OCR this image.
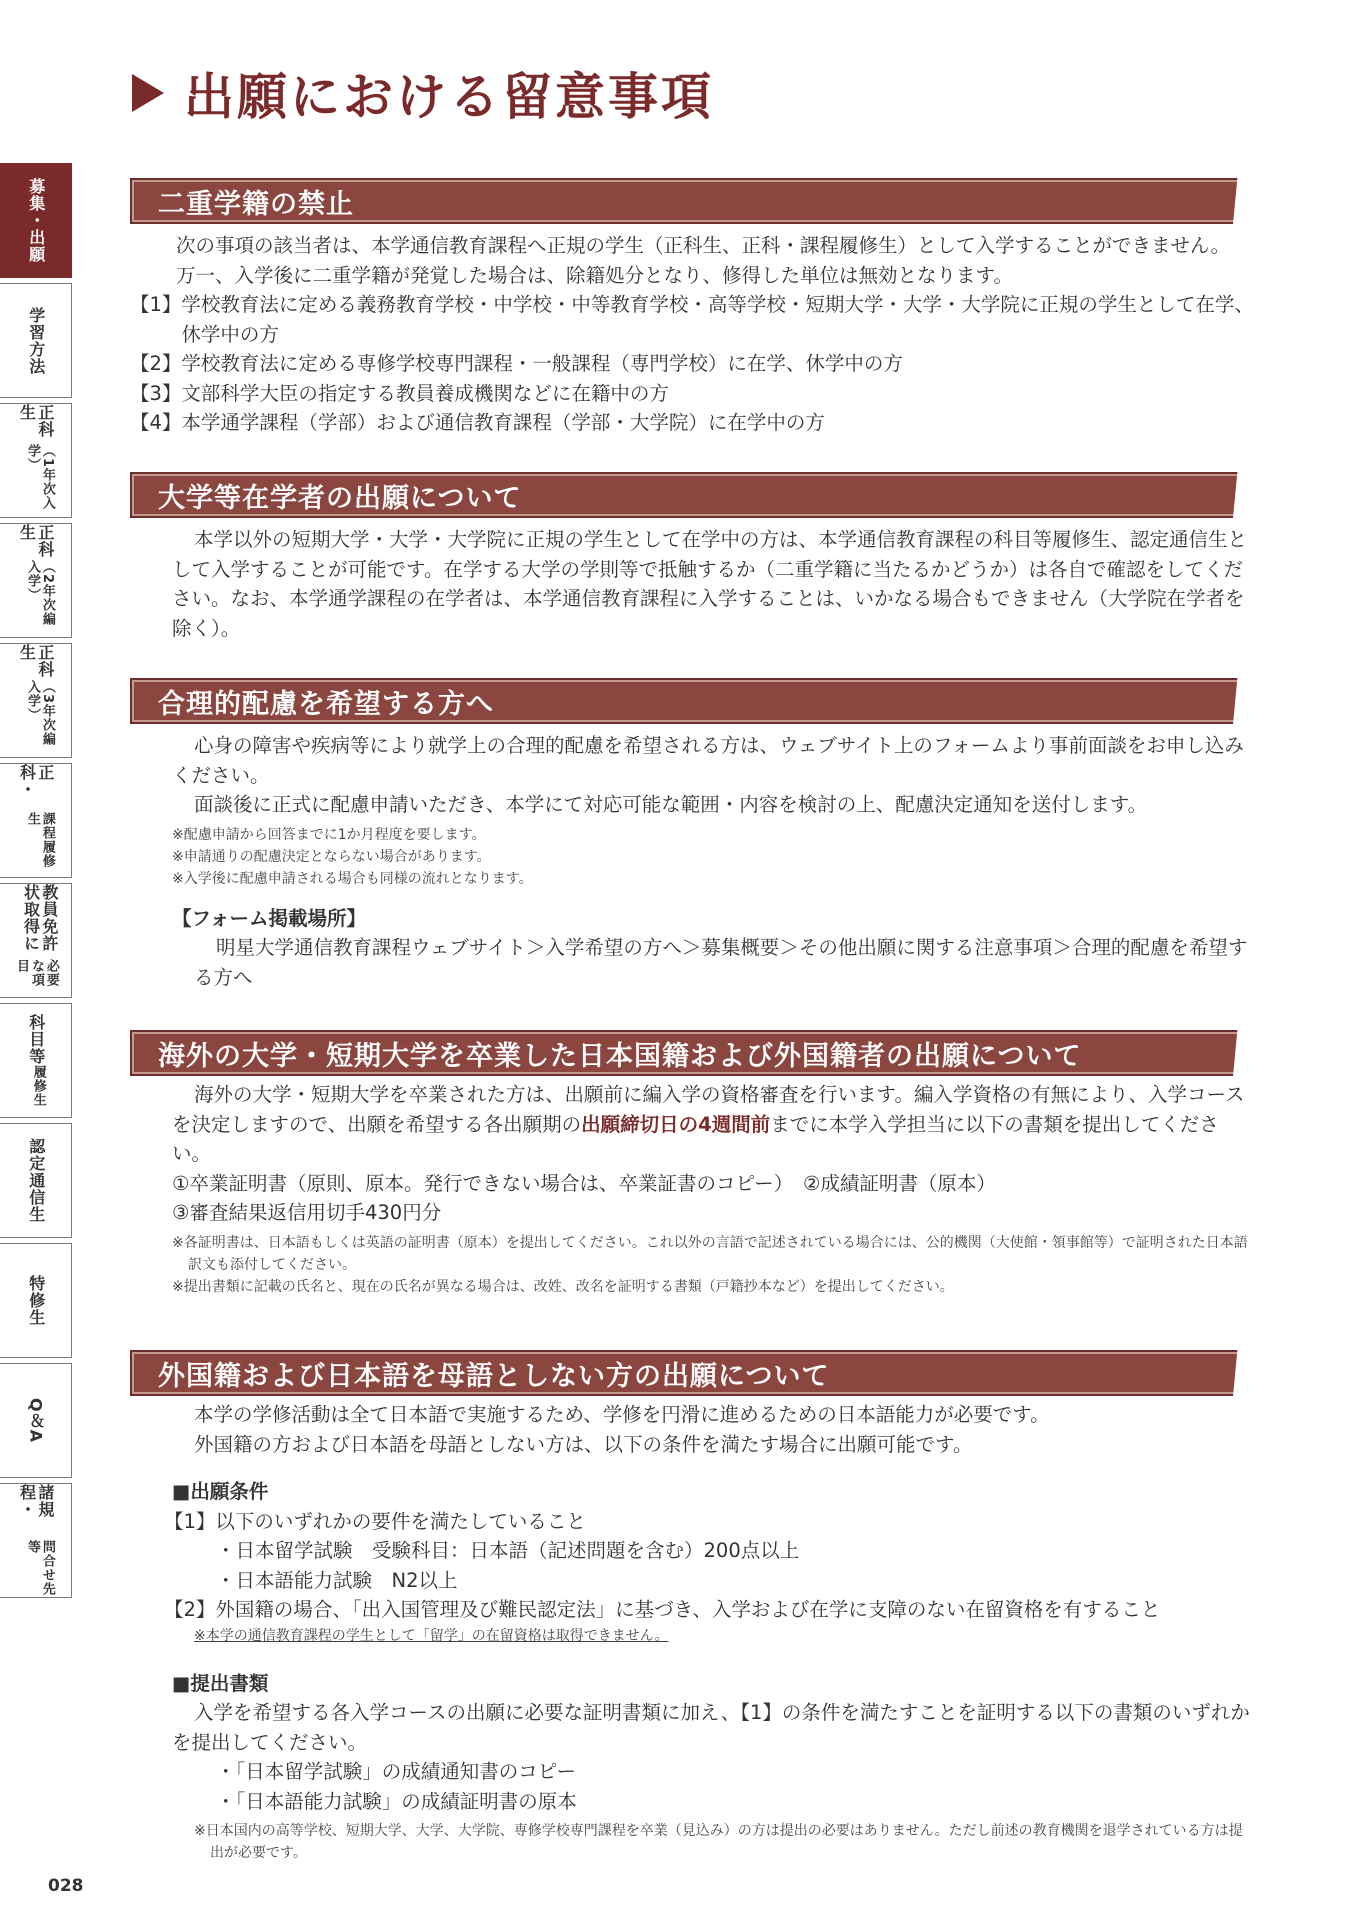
出願における留意事項
募集・出願
学習方法
正科生
（1年次入学）
正科生
（2年次編入学）
正科生
（3年次編入学）
正科・
課程履修生
教員免許状取得に
必要な項目
科目等
履修生
認定通信生
特修生
Q＆A
諸規程・
問合せ先等
028
二重学籍の禁止

次の事項の該当者は、本学通信教育課程へ正規の学生（正科生、正科・課程履修生）として入学することができません。

万一、入学後に二重学籍が発覚した場合は、除籍処分となり、修得した単位は無効となります。

【1】 学校教育法に定める義務教育学校・中学校・中等教育学校・高等学校・短期大学・大学・大学院に正規の学生として在学、休学中の方
【2】 学校教育法に定める専修学校専門課程・一般課程（専門学校）に在学、休学中の方
【3】 文部科学大臣の指定する教員養成機関などに在籍中の方
【4】 本学通学課程（学部）および通信教育課程（学部・大学院）に在学中の方
大学等在学者の出願について

本学以外の短期大学・大学・大学院に正規の学生として在学中の方は、本学通信教育課程の科目等履修生、認定通信生として入学することが可能です。在学する大学の学則等で抵触するか（二重学籍に当たるかどうか）は各自で確認をしてください。なお、本学通学課程の在学者は、本学通信教育課程に入学することは、いかなる場合もできません（大学院在学者を除く）。

合理的配慮を希望する方へ

心身の障害や疾病等により就学上の合理的配慮を希望される方は、ウェブサイト上のフォームより事前面談をお申し込みください。

面談後に正式に配慮申請いただき、本学にて対応可能な範囲・内容を検討の上、配慮決定通知を送付します。

※配慮申請から回答までに1か月程度を要します。
※申請通りの配慮決定とならない場合があります。
※入学後に配慮申請される場合も同様の流れとなります。
【フォーム掲載場所】

明星大学通信教育課程ウェブサイト＞入学希望の方へ＞募集概要＞その他出願に関する注意事項＞合理的配慮を希望する方へ

海外の大学・短期大学を卒業した日本国籍および外国籍者の出願について

海外の大学・短期大学を卒業された方は、出願前に編入学の資格審査を行います。編入学資格の有無により、入学コースを決定しますので、出願を希望する各出願期の出願締切日の4週間前までに本学入学担当に以下の書類を提出してください。

①卒業証明書（原則、原本。発行できない場合は、卒業証書のコピー）　②成績証明書（原本）

③審査結果返信用切手430円分

※各証明書は、日本語もしくは英語の証明書（原本）を提出してください。これ以外の言語で記述されている場合には、公的機関（大使館・領事館等）で証明された日本語訳文も添付してください。
※提出書類に記載の氏名と、現在の氏名が異なる場合は、改姓、改名を証明する書類（戸籍抄本など）を提出してください。
外国籍および日本語を母語としない方の出願について

本学の学修活動は全て日本語で実施するため、学修を円滑に進めるための日本語能力が必要です。

外国籍の方および日本語を母語としない方は、以下の条件を満たす場合に出願可能です。

■出願条件

【1】以下のいずれかの要件を満たしていること

・日本留学試験　受験科目：日本語（記述問題を含む）200点以上

・日本語能力試験　N2以上

【2】外国籍の場合、「出入国管理及び難民認定法」に基づき、入学および在学に支障のない在留資格を有すること

※本学の通信教育課程の学生として「留学」の在留資格は取得できません。
■提出書類

入学を希望する各入学コースの出願に必要な証明書類に加え、【1】の条件を満たすことを証明する以下の書類のいずれかを提出してください。

・「日本留学試験」の成績通知書のコピー

・「日本語能力試験」の成績証明書の原本

※日本国内の高等学校、短期大学、大学、大学院、専修学校専門課程を卒業（見込み）の方は提出の必要はありません。ただし前述の教育機関を退学されている方は提出が必要です。
